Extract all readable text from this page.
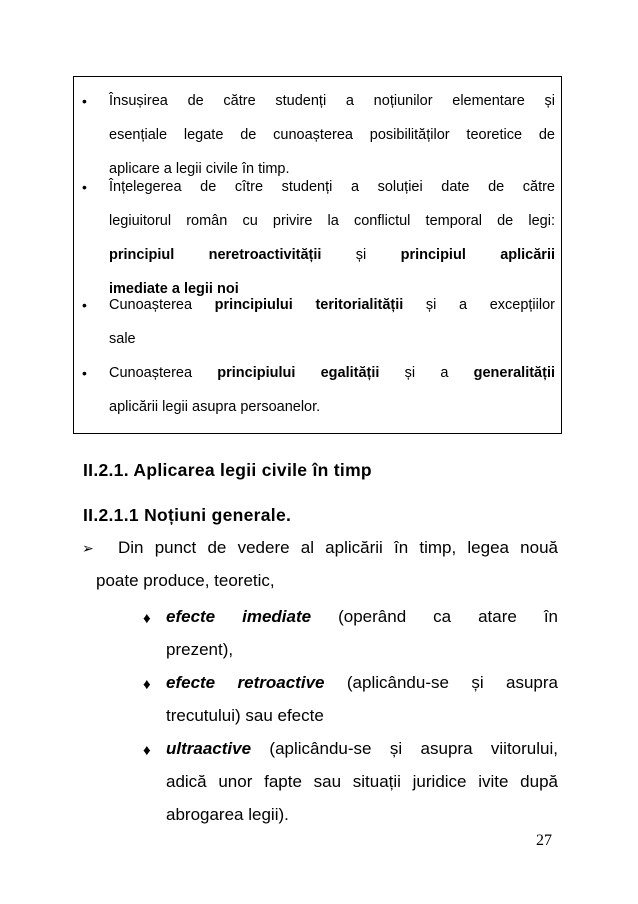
• Însușirea de către studenți a noțiunilor elementare și
esențiale legate de cunoașterea posibilităților teoretice de
aplicare a legii civile în timp.
• Înțelegerea de cître studenți a soluției date de către
legiuitorul român cu privire la conflictul temporal de legi:
principiul neretroactivității și principiul aplicării
imediate a legii noi
• Cunoașterea principiului teritorialității și a excepțiilor
sale
• Cunoașterea principiului egalității și a generalității
aplicării legii asupra persoanelor.
II.2.1. Aplicarea legii civile în timp
II.2.1.1 Noțiuni generale.
➢ Din punct de vedere al aplicării în timp, legea nouă
poate produce, teoretic,
♦ efecte imediate (operând ca atare în
prezent),
♦ efecte retroactive (aplicându-se și asupra
trecutului) sau efecte
♦ ultraactive (aplicându-se și asupra viitorului,
adică unor fapte sau situații juridice ivite după
abrogarea legii).
27
